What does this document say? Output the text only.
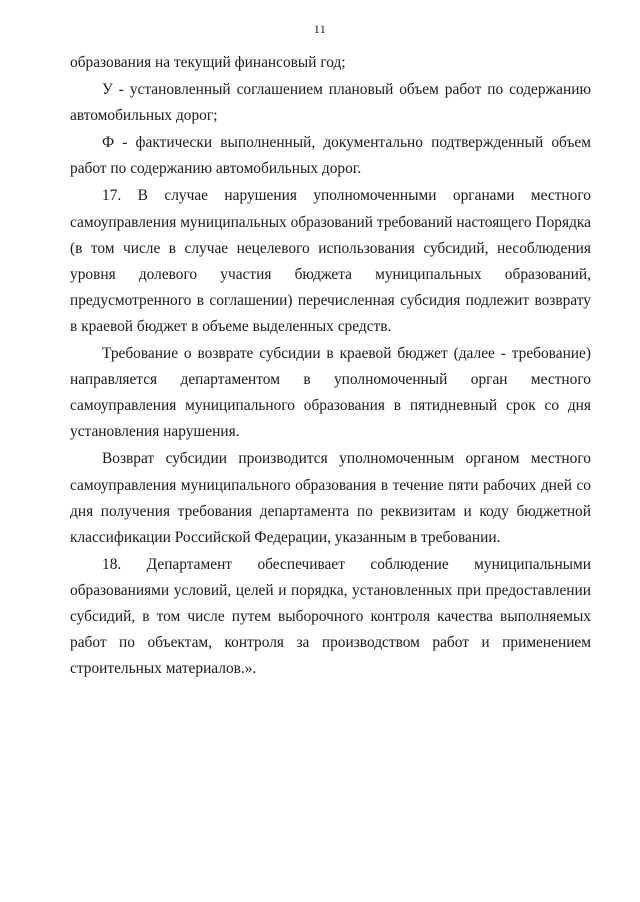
11

образования на текущий финансовый год;

У - установленный соглашением плановый объем работ по содержанию автомобильных дорог;

Ф - фактически выполненный, документально подтвержденный объем работ по содержанию автомобильных дорог.

17. В случае нарушения уполномоченными органами местного самоуправления муниципальных образований требований настоящего Порядка (в том числе в случае нецелевого использования субсидий, несоблюдения уровня долевого участия бюджета муниципальных образований, предусмотренного в соглашении) перечисленная субсидия подлежит возврату в краевой бюджет в объеме выделенных средств.

Требование о возврате субсидии в краевой бюджет (далее - требование) направляется департаментом в уполномоченный орган местного самоуправления муниципального образования в пятидневный срок со дня установления нарушения.

Возврат субсидии производится уполномоченным органом местного самоуправления муниципального образования в течение пяти рабочих дней со дня получения требования департамента по реквизитам и коду бюджетной классификации Российской Федерации, указанным в требовании.

18. Департамент обеспечивает соблюдение муниципальными образованиями условий, целей и порядка, установленных при предоставлении субсидий, в том числе путем выборочного контроля качества выполняемых работ по объектам, контроля за производством работ и применением строительных материалов.».
